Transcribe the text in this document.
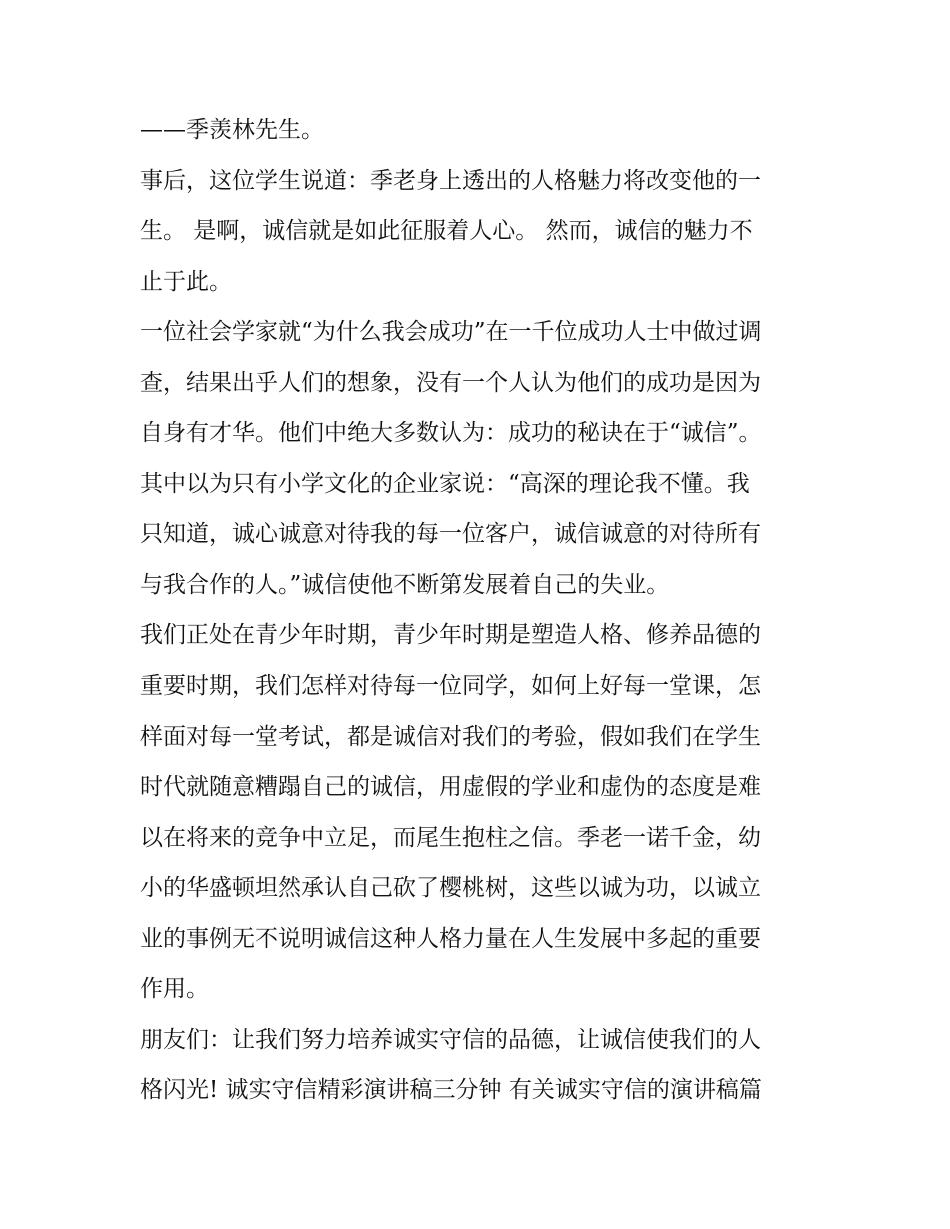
——季羡林先生。
事后，这位学生说道：季老身上透出的人格魅力将改变他的一
生。 是啊，诚信就是如此征服着人心。 然而，诚信的魅力不
止于此。
一位社会学家就“为什么我会成功”在一千位成功人士中做过调
查，结果出乎人们的想象，没有一个人认为他们的成功是因为
自身有才华。他们中绝大多数认为：成功的秘诀在于“诚信”。
其中以为只有小学文化的企业家说：“高深的理论我不懂。我
只知道，诚心诚意对待我的每一位客户，诚信诚意的对待所有
与我合作的人。”诚信使他不断第发展着自己的失业。
我们正处在青少年时期，青少年时期是塑造人格、修养品德的
重要时期，我们怎样对待每一位同学，如何上好每一堂课，怎
样面对每一堂考试，都是诚信对我们的考验，假如我们在学生
时代就随意糟蹋自己的诚信，用虚假的学业和虚伪的态度是难
以在将来的竞争中立足，而尾生抱柱之信。季老一诺千金，幼
小的华盛顿坦然承认自己砍了樱桃树，这些以诚为功，以诚立
业的事例无不说明诚信这种人格力量在人生发展中多起的重要
作用。
朋友们：让我们努力培养诚实守信的品德，让诚信使我们的人
格闪光! 诚实守信精彩演讲稿三分钟 有关诚实守信的演讲稿篇
